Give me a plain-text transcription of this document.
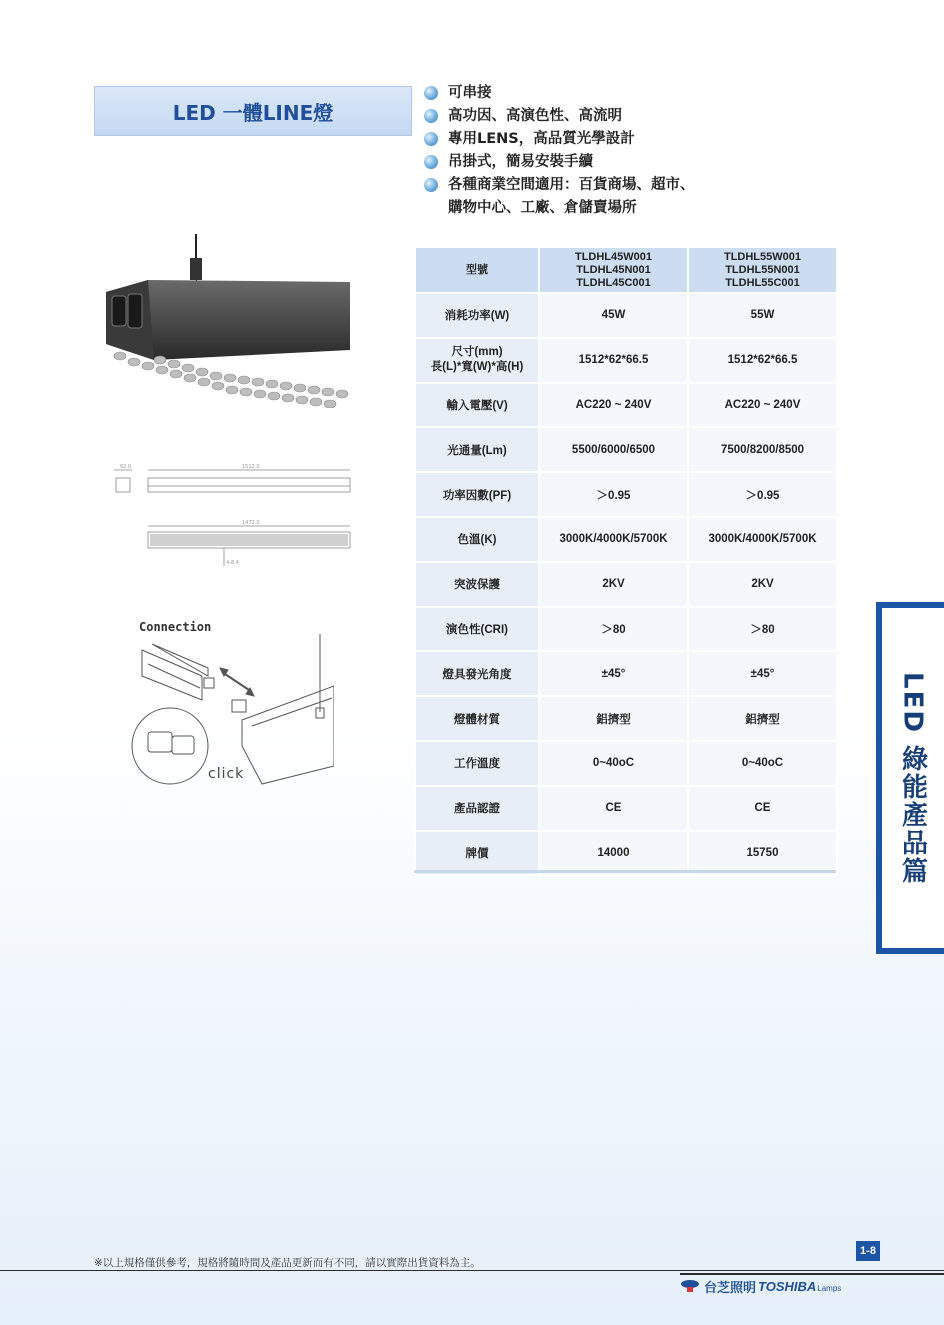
LED 一體LINE燈
可串接
高功因、高演色性、高流明
專用LENS，高品質光學設計
吊掛式，簡易安裝手續
各種商業空間適用：百貨商場、超市、
購物中心、工廠、倉儲賣場所
62.0	1512.0
1472.0
4-8.4
Connection
click
型號	TLDHL45W001
TLDHL45N001
TLDHL45C001	TLDHL55W001
TLDHL55N001
TLDHL55C001
消耗功率(W)	45W	55W
尺寸(mm)
長(L)*寬(W)*高(H)	1512*62*66.5	1512*62*66.5
輸入電壓(V)	AC220 ~ 240V	AC220 ~ 240V
光通量(Lm)	5500/6000/6500	7500/8200/8500
功率因數(PF)	＞0.95	＞0.95
色溫(K)	3000K/4000K/5700K	3000K/4000K/5700K
突波保護	2KV	2KV
演色性(CRI)	＞80	＞80
燈具發光角度	±45°	±45°
燈體材質	鋁擠型	鋁擠型
工作溫度	0~40oC	0~40oC
產品認證	CE	CE
牌價	14000	15750	LED 綠能產品篇
1-8
※以上規格僅供參考，規格將隨時間及產品更新而有不同，請以實際出貨資料為主。
台芝照明 TOSHIBA Lamps
